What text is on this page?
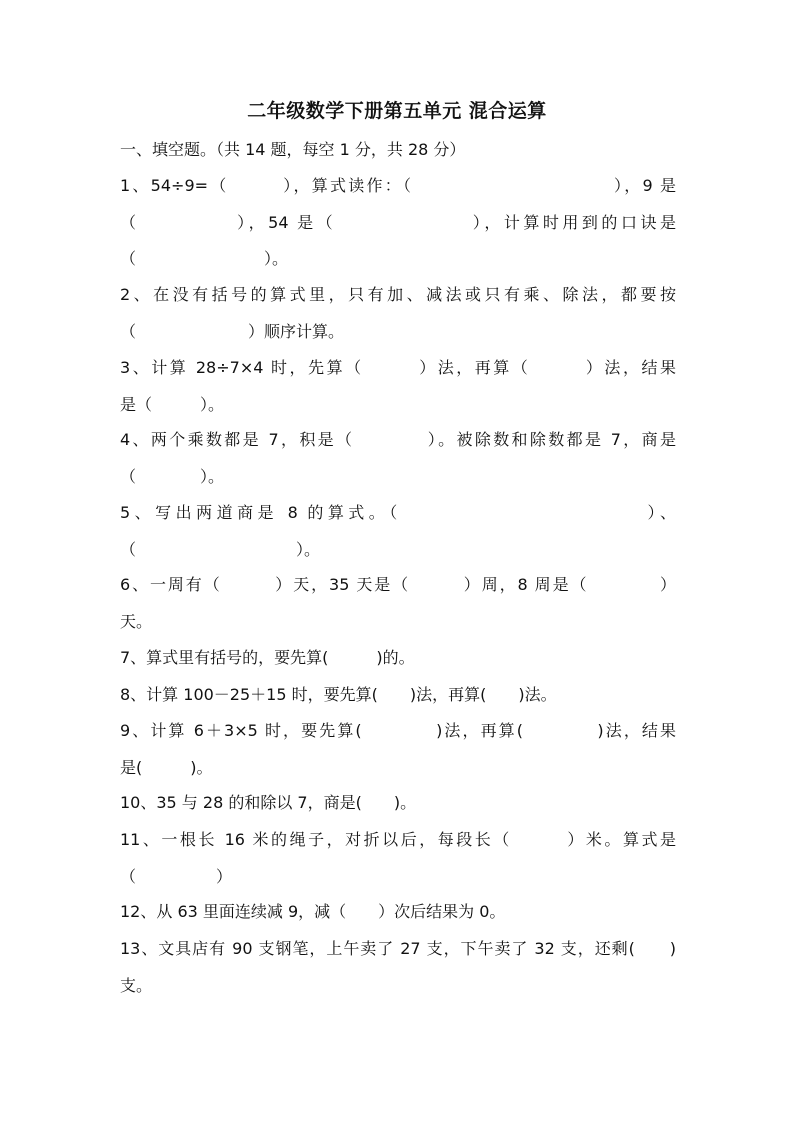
二年级数学下册第五单元 混合运算
一、填空题。（共 14 题，每空 1 分，共 28 分）
1、54÷9=（　　　），算式读作：（　　　　　　　　　　　），9 是
（　　　　　），54 是（　　　　　　　），计算时用到的口诀是
（　　　　　　　　）。
2、在没有括号的算式里，只有加、减法或只有乘、除法，都要按
（　　　　　　　）顺序计算。
3、计算 28÷7×4 时，先算（　　　）法，再算（　　　）法，结果
是（　　　）。
4、两个乘数都是 7，积是（　　　　）。被除数和除数都是 7，商是
（　　　　）。
5、写出两道商是 8 的算式。（　　　　　　　　　　　　）、
（　　　　　　　　　　）。
6、一周有（　　　）天，35 天是（　　　）周，8 周是（　　　　）
天。
7、算式里有括号的，要先算(　　　)的。
8、计算 100－25＋15 时，要先算(　　)法，再算(　　)法。
9、计算 6＋3×5 时，要先算(　　　　)法，再算(　　　　)法，结果
是(　　　)。
10、35 与 28 的和除以 7，商是(　　)。
11、一根长 16 米的绳子，对折以后，每段长（　　　）米。算式是
（　　　　　）
12、从 63 里面连续减 9，减（　　）次后结果为 0。
13、文具店有 90 支钢笔，上午卖了 27 支，下午卖了 32 支，还剩(　　)
支。
